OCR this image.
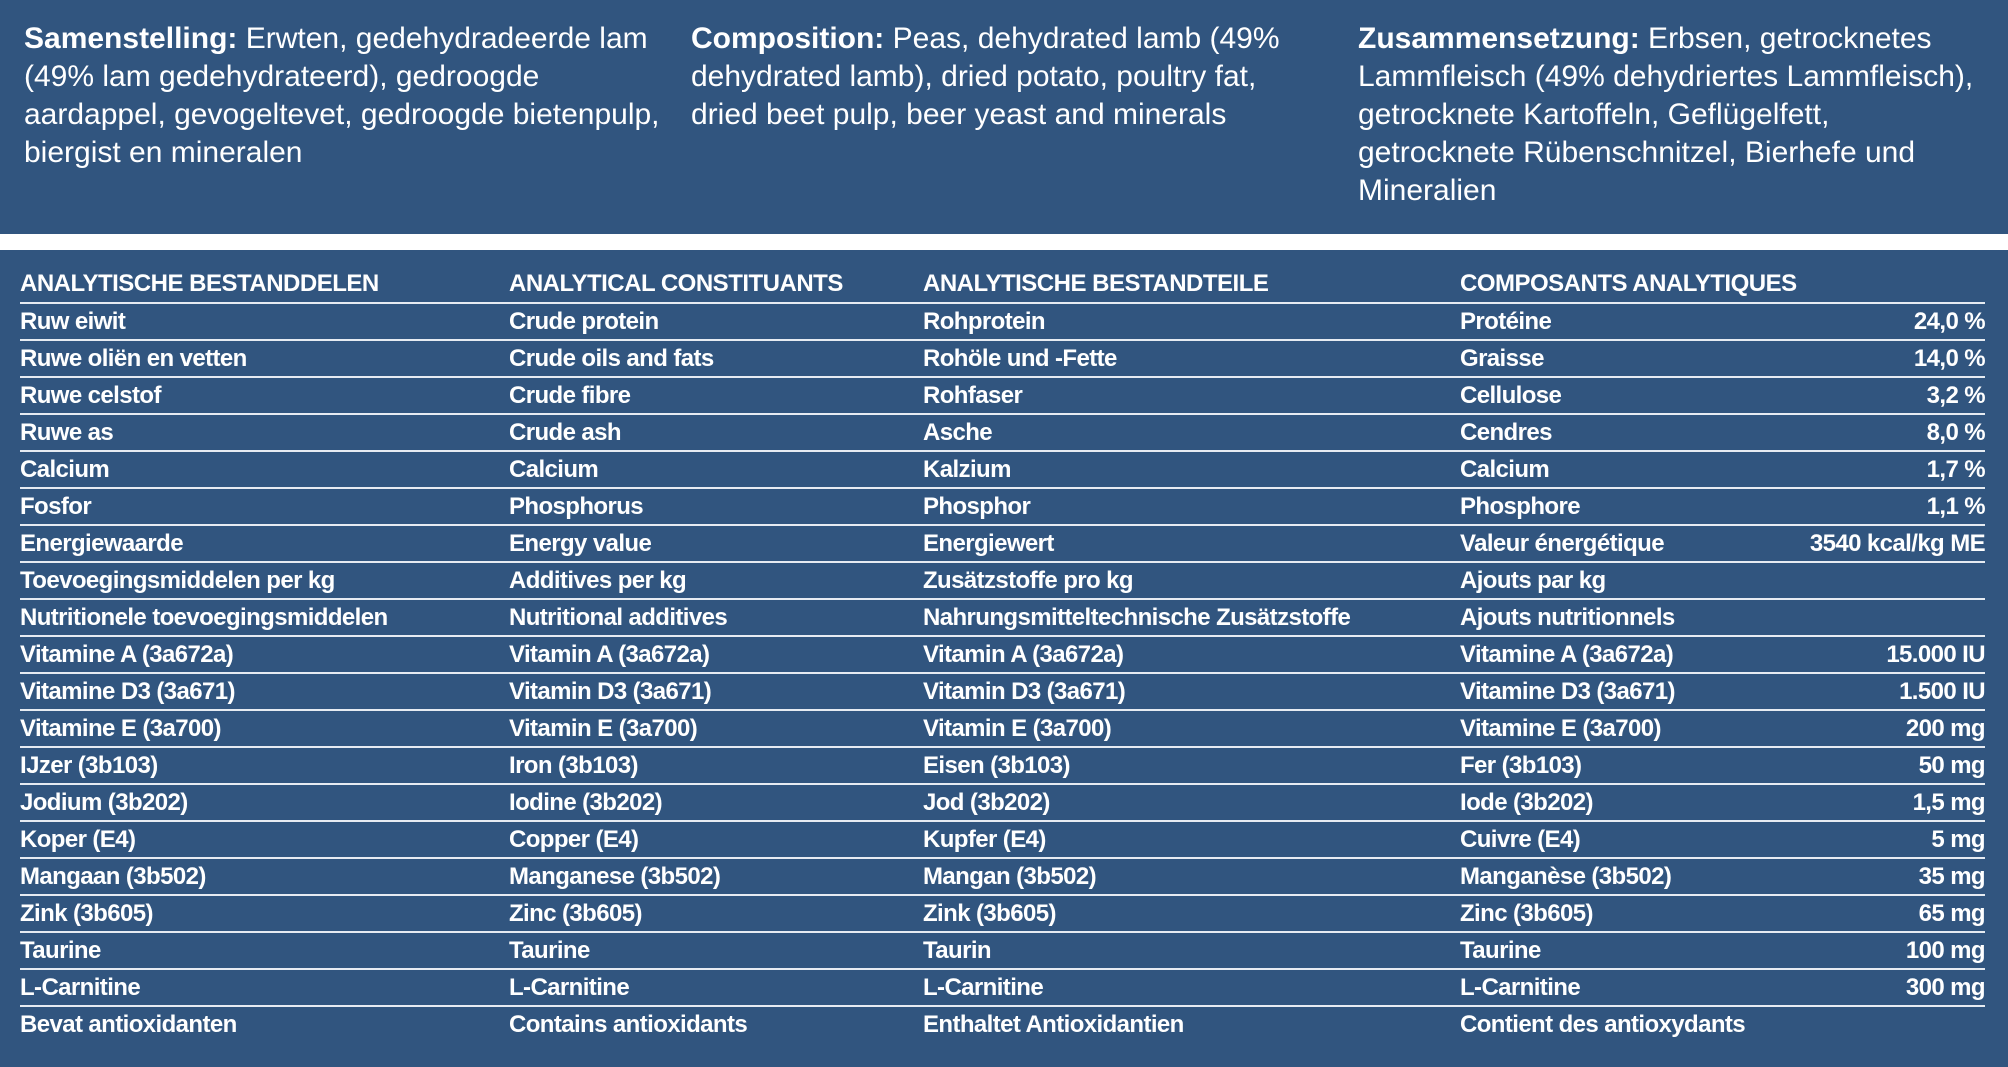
Samenstelling: Erwten, gedehydradeerde lam (49% lam gedehydrateerd), gedroogde aardappel, gevogeltevet, gedroogde bietenpulp, biergist en mineralen
Composition: Peas, dehydrated lamb (49% dehydrated lamb), dried potato, poultry fat, dried beet pulp, beer yeast and minerals
Zusammensetzung: Erbsen, getrocknetes Lammfleisch (49% dehydriertes Lammfleisch), getrocknete Kartoffeln, Geflügelfett, getrocknete Rübenschnitzel, Bierhefe und Mineralien
ANALYTISCHE BESTANDDELEN	ANALYTICAL CONSTITUANTS	ANALYTISCHE BESTANDTEILE	COMPOSANTS ANALYTIQUES
Ruw eiwit	Crude protein	Rohprotein	Protéine	24,0 %
Ruwe oliën en vetten	Crude oils and fats	Rohöle und -Fette	Graisse	14,0 %
Ruwe celstof	Crude fibre	Rohfaser	Cellulose	3,2 %
Ruwe as	Crude ash	Asche	Cendres	8,0 %
Calcium	Calcium	Kalzium	Calcium	1,7 %
Fosfor	Phosphorus	Phosphor	Phosphore	1,1 %
Energiewaarde	Energy value	Energiewert	Valeur énergétique	3540 kcal/kg ME
Toevoegingsmiddelen per kg	Additives per kg	Zusätzstoffe pro kg	Ajouts par kg
Nutritionele toevoegingsmiddelen	Nutritional additives	Nahrungsmitteltechnische Zusätzstoffe	Ajouts nutritionnels
Vitamine A (3a672a)	Vitamin A (3a672a)	Vitamin A (3a672a)	Vitamine A (3a672a)	15.000 IU
Vitamine D3 (3a671)	Vitamin D3 (3a671)	Vitamin D3 (3a671)	Vitamine D3 (3a671)	1.500 IU
Vitamine E (3a700)	Vitamin E (3a700)	Vitamin E (3a700)	Vitamine E (3a700)	200 mg
IJzer (3b103)	Iron (3b103)	Eisen (3b103)	Fer (3b103)	50 mg
Jodium (3b202)	Iodine (3b202)	Jod (3b202)	Iode (3b202)	1,5 mg
Koper (E4)	Copper (E4)	Kupfer (E4)	Cuivre (E4)	5 mg
Mangaan (3b502)	Manganese (3b502)	Mangan (3b502)	Manganèse (3b502)	35 mg
Zink (3b605)	Zinc (3b605)	Zink (3b605)	Zinc (3b605)	65 mg
Taurine	Taurine	Taurin	Taurine	100 mg
L-Carnitine	L-Carnitine	L-Carnitine	L-Carnitine	300 mg
Bevat antioxidanten	Contains antioxidants	Enthaltet Antioxidantien	Contient des antioxydants
